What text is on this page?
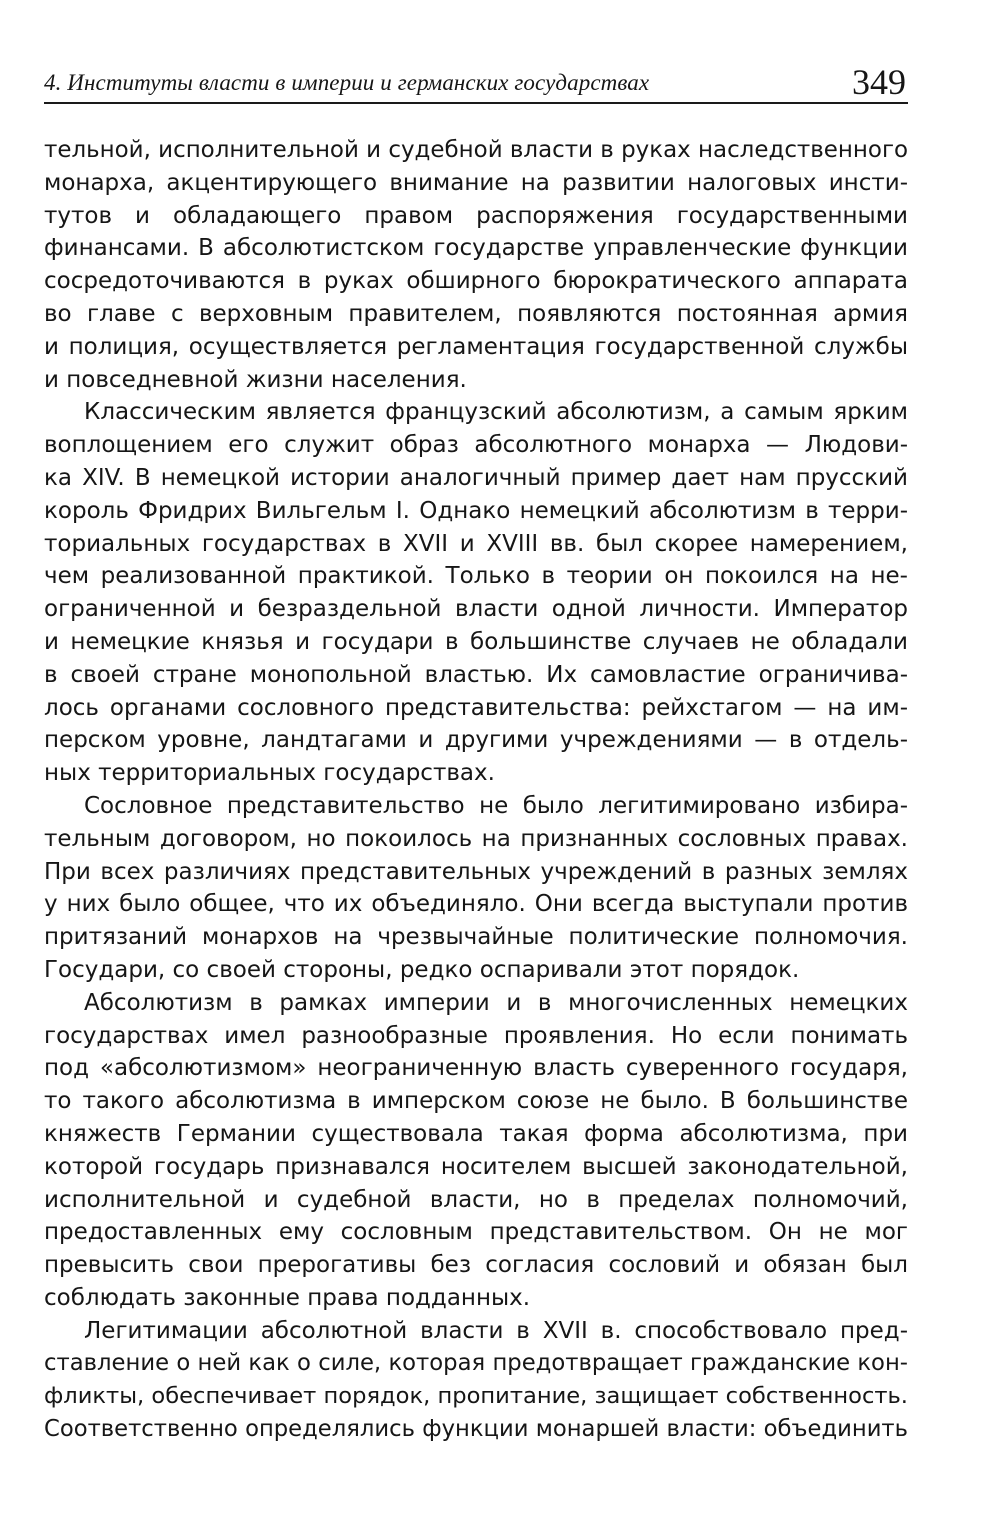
4. Институты власти в империи и германских государствах	349

тельной, исполнительной и судебной власти в руках наследственного
монарха, акцентирующего внимание на развитии налоговых инсти-
тутов и обладающего правом распоряжения государственными
финансами. В абсолютистском государстве управленческие функции
сосредоточиваются в руках обширного бюрократического аппарата
во главе с верховным правителем, появляются постоянная армия
и полиция, осуществляется регламентация государственной службы
и повседневной жизни населения.

Классическим является французский абсолютизм, а самым ярким
воплощением его служит образ абсолютного монарха — Людови-
ка XIV. В немецкой истории аналогичный пример дает нам прусский
король Фридрих Вильгельм I. Однако немецкий абсолютизм в терри-
ториальных государствах в XVII и XVIII вв. был скорее намерением,
чем реализованной практикой. Только в теории он покоился на не-
ограниченной и безраздельной власти одной личности. Император
и немецкие князья и государи в большинстве случаев не обладали
в своей стране монопольной властью. Их самовластие ограничива-
лось органами сословного представительства: рейхстагом — на им-
перском уровне, ландтагами и другими учреждениями — в отдель-
ных территориальных государствах.

Сословное представительство не было легитимировано избира-
тельным договором, но покоилось на признанных сословных правах.
При всех различиях представительных учреждений в разных землях
у них было общее, что их объединяло. Они всегда выступали против
притязаний монархов на чрезвычайные политические полномочия.
Государи, со своей стороны, редко оспаривали этот порядок.

Абсолютизм в рамках империи и в многочисленных немецких
государствах имел разнообразные проявления. Но если понимать
под «абсолютизмом» неограниченную власть суверенного государя,
то такого абсолютизма в имперском союзе не было. В большинстве
княжеств Германии существовала такая форма абсолютизма, при
которой государь признавался носителем высшей законодательной,
исполнительной и судебной власти, но в пределах полномочий,
предоставленных ему сословным представительством. Он не мог
превысить свои прерогативы без согласия сословий и обязан был
соблюдать законные права подданных.

Легитимации абсолютной власти в XVII в. способствовало пред-
ставление о ней как о силе, которая предотвращает гражданские кон-
фликты, обеспечивает порядок, пропитание, защищает собственность.
Соответственно определялись функции монаршей власти: объединить
